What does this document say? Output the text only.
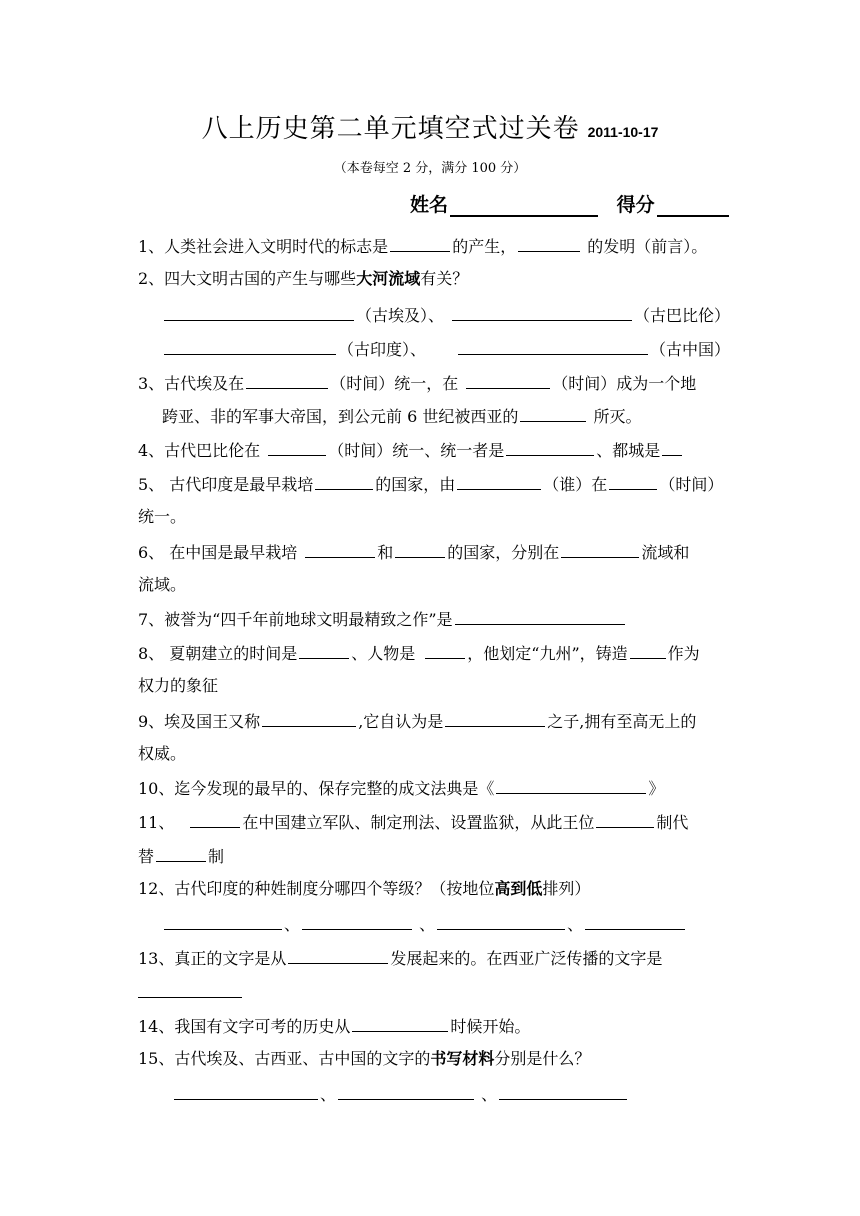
八上历史第二单元填空式过关卷 2011-10-17
（本卷每空 2 分，满分 100 分）
姓名	得分
1、人类社会进入文明时代的标志是	的产生，	的发明（前言）。
2、四大文明古国的产生与哪些大河流域有关？
（古埃及）、	（古巴比伦）
（古印度）、	（古中国）
3、古代埃及在	（时间）统一，在	（时间）成为一个地
跨亚、非的军事大帝国，到公元前 6 世纪被西亚的	所灭。
4、古代巴比伦在	（时间）统一、统一者是	、都城是
5、 古代印度是最早栽培	的国家，由	（谁）在	（时间）
统一。
6、 在中国是最早栽培	和	的国家，分别在	流域和
流域。
7、被誉为“四千年前地球文明最精致之作”是
8、 夏朝建立的时间是	、人物是	，他划定“九州”，铸造	作为
权力的象征
9、埃及国王又称	,它自认为是	之子,拥有至高无上的
权威。
10、迄今发现的最早的、保存完整的成文法典是《	》
11、	在中国建立军队、制定刑法、设置监狱，从此王位	制代
替	制
12、古代印度的种姓制度分哪四个等级？（按地位高到低排列）
、	、	、
13、真正的文字是从	发展起来的。在西亚广泛传播的文字是
14、我国有文字可考的历史从	时候开始。
15、古代埃及、古西亚、古中国的文字的书写材料分别是什么？
、	、
